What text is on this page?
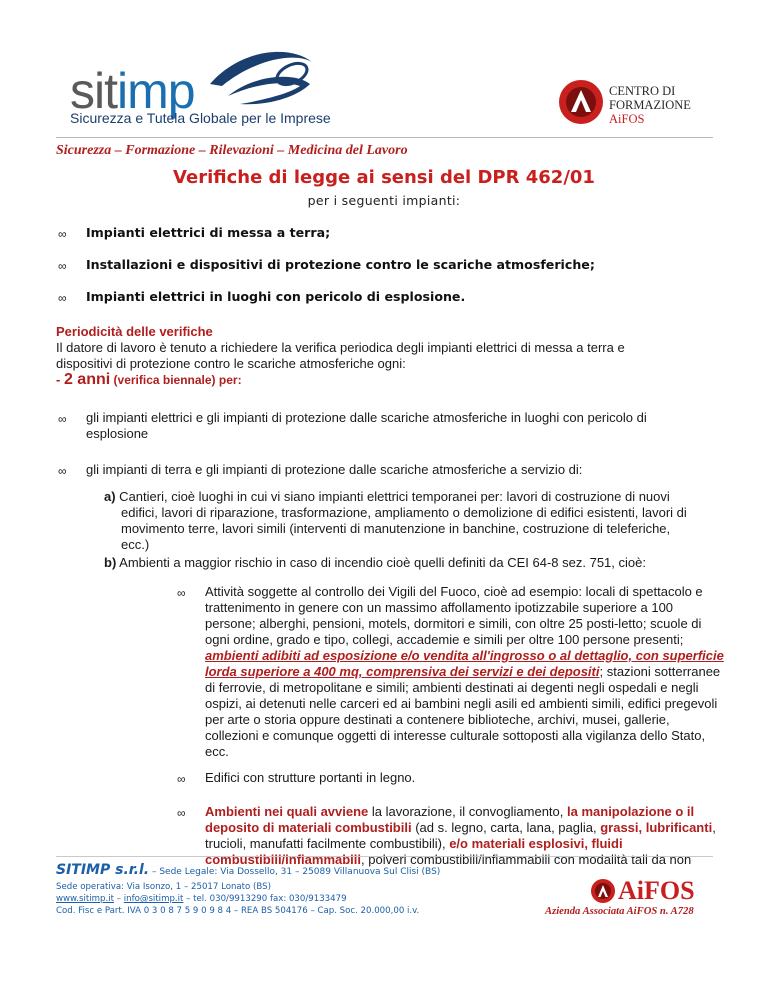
sitimp
Sicurezza e Tutela Globale per le Imprese
CENTRO DI
FORMAZIONE
AiFOS
Sicurezza – Formazione – Rilevazioni – Medicina del Lavoro
Verifiche di legge ai sensi del DPR 462/01
per i seguenti impianti:
∞ Impianti elettrici di messa a terra;
∞ Installazioni e dispositivi di protezione contro le scariche atmosferiche;
∞ Impianti elettrici in luoghi con pericolo di esplosione.
Periodicità delle verifiche
Il datore di lavoro è tenuto a richiedere la verifica periodica degli impianti elettrici di messa a terra e
dispositivi di protezione contro le scariche atmosferiche ogni:
- 2 anni (verifica biennale) per:
∞ gli impianti elettrici e gli impianti di protezione dalle scariche atmosferiche in luoghi con pericolo di
esplosione
∞ gli impianti di terra e gli impianti di protezione dalle scariche atmosferiche a servizio di:
a) Cantieri, cioè luoghi in cui vi siano impianti elettrici temporanei per: lavori di costruzione di nuovi
edifici, lavori di riparazione, trasformazione, ampliamento o demolizione di edifici esistenti, lavori di
movimento terre, lavori simili (interventi di manutenzione in banchine, costruzione di teleferiche,
ecc.)
b) Ambienti a maggior rischio in caso di incendio cioè quelli definiti da CEI 64-8 sez. 751, cioè:
∞ Attività soggette al controllo dei Vigili del Fuoco, cioè ad esempio: locali di spettacolo e
trattenimento in genere con un massimo affollamento ipotizzabile superiore a 100
persone; alberghi, pensioni, motels, dormitori e simili, con oltre 25 posti-letto; scuole di
ogni ordine, grado e tipo, collegi, accademie e simili per oltre 100 persone presenti;
ambienti adibiti ad esposizione e/o vendita all'ingrosso o al dettaglio, con superficie
lorda superiore a 400 mq, comprensiva dei servizi e dei depositi; stazioni sotterranee
di ferrovie, di metropolitane e simili; ambienti destinati ai degenti negli ospedali e negli
ospizi, ai detenuti nelle carceri ed ai bambini negli asili ed ambienti simili, edifici pregevoli
per arte o storia oppure destinati a contenere biblioteche, archivi, musei, gallerie,
collezioni e comunque oggetti di interesse culturale sottoposti alla vigilanza dello Stato,
ecc.
∞ Edifici con strutture portanti in legno.
∞ Ambienti nei quali avviene la lavorazione, il convogliamento, la manipolazione o il
deposito di materiali combustibili (ad s. legno, carta, lana, paglia, grassi, lubrificanti,
trucioli, manufatti facilmente combustibili), e/o materiali esplosivi, fluidi
combustibili/infiammabili, polveri combustibili/infiammabili con modalità tali da non
SITIMP s.r.l. – Sede Legale: Via Dossello, 31 – 25089 Villanuova Sul Clisi (BS)
Sede operativa: Via Isonzo, 1 – 25017 Lonato (BS)
www.sitimp.it – info@sitimp.it – tel. 030/9913290 fax: 030/9133479
Cod. Fisc e Part. IVA 0 3 0 8 7 5 9 0 9 8 4 – REA BS 504176 – Cap. Soc. 20.000,00 i.v.
AiFOS
Azienda Associata AiFOS n. A728
